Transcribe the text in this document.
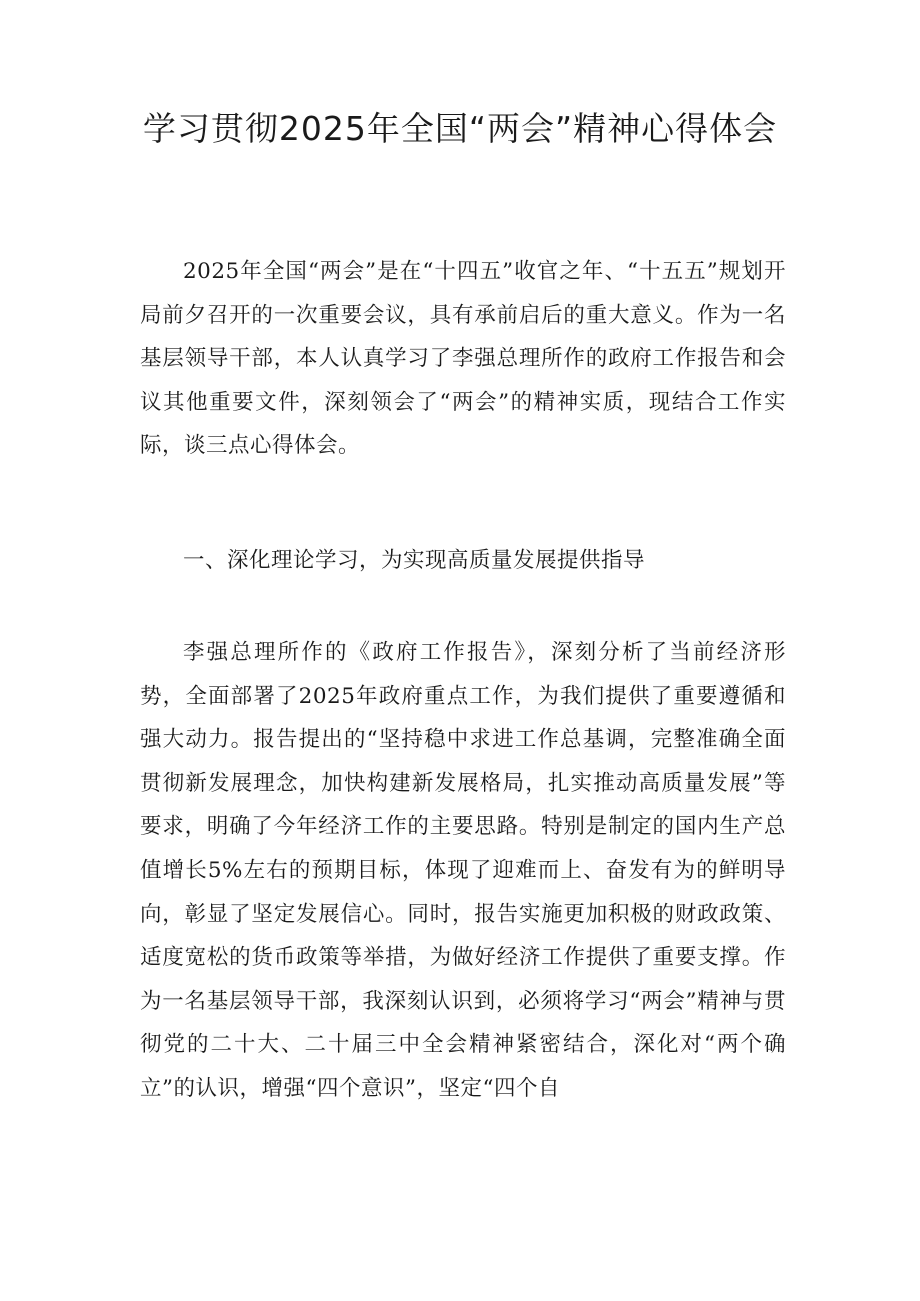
学习贯彻2025年全国“两会”精神心得体会

2025年全国“两会”是在“十四五”收官之年、“十五五”规划开局前夕召开的一次重要会议，具有承前启后的重大意义。作为一名基层领导干部，本人认真学习了李强总理所作的政府工作报告和会议其他重要文件，深刻领会了“两会”的精神实质，现结合工作实际，谈三点心得体会。

一、深化理论学习，为实现高质量发展提供指导

李强总理所作的《政府工作报告》，深刻分析了当前经济形势，全面部署了2025年政府重点工作，为我们提供了重要遵循和强大动力。报告提出的“坚持稳中求进工作总基调，完整准确全面贯彻新发展理念，加快构建新发展格局，扎实推动高质量发展”等要求，明确了今年经济工作的主要思路。特别是制定的国内生产总值增长5%左右的预期目标，体现了迎难而上、奋发有为的鲜明导向，彰显了坚定发展信心。同时，报告实施更加积极的财政政策、适度宽松的货币政策等举措，为做好经济工作提供了重要支撑。作为一名基层领导干部，我深刻认识到，必须将学习“两会”精神与贯彻党的二十大、二十届三中全会精神紧密结合，深化对“两个确立”的认识，增强“四个意识”，坚定“四个自
